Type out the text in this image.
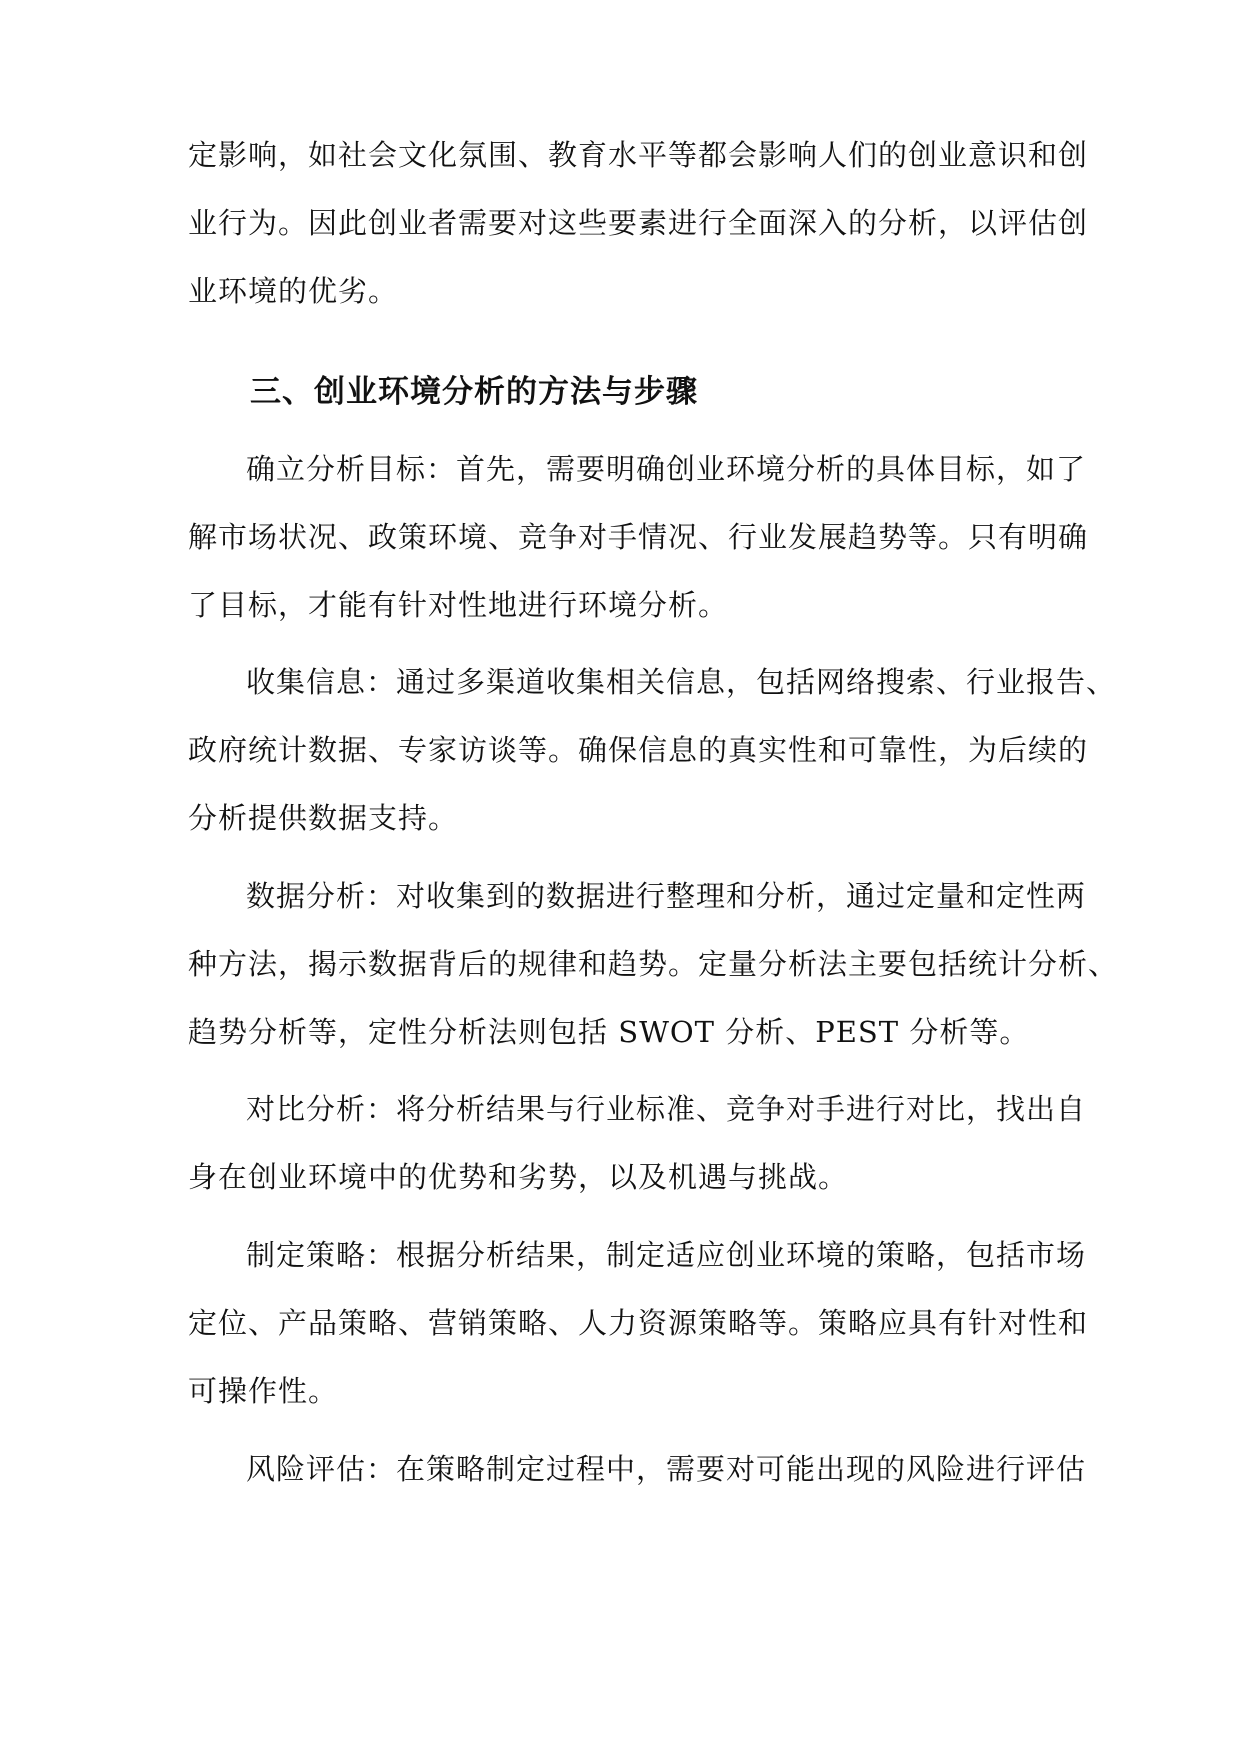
定影响，如社会文化氛围、教育水平等都会影响人们的创业意识和创
业行为。因此创业者需要对这些要素进行全面深入的分析，以评估创
业环境的优劣。
三、创业环境分析的方法与步骤
确立分析目标：首先，需要明确创业环境分析的具体目标，如了
解市场状况、政策环境、竞争对手情况、行业发展趋势等。只有明确
了目标，才能有针对性地进行环境分析。
收集信息：通过多渠道收集相关信息，包括网络搜索、行业报告、
政府统计数据、专家访谈等。确保信息的真实性和可靠性，为后续的
分析提供数据支持。
数据分析：对收集到的数据进行整理和分析，通过定量和定性两
种方法，揭示数据背后的规律和趋势。定量分析法主要包括统计分析、
趋势分析等，定性分析法则包括 SWOT 分析、PEST 分析等。
对比分析：将分析结果与行业标准、竞争对手进行对比，找出自
身在创业环境中的优势和劣势，以及机遇与挑战。
制定策略：根据分析结果，制定适应创业环境的策略，包括市场
定位、产品策略、营销策略、人力资源策略等。策略应具有针对性和
可操作性。
风险评估：在策略制定过程中，需要对可能出现的风险进行评估
